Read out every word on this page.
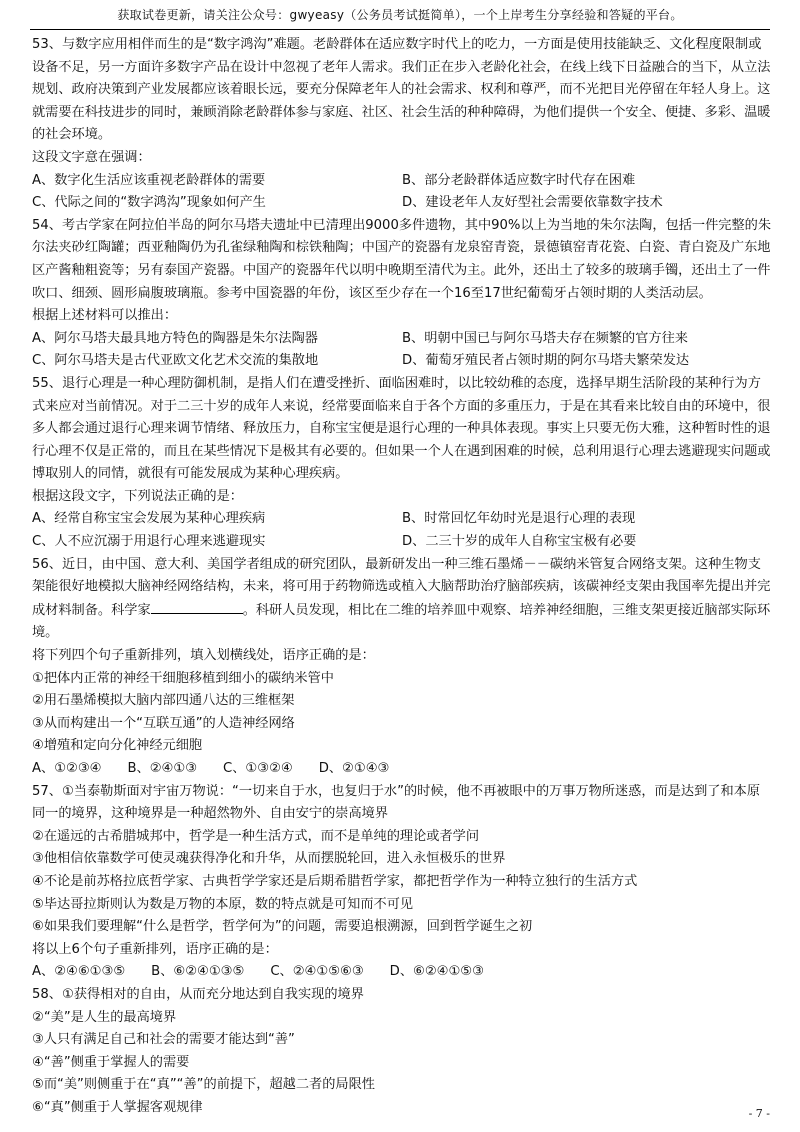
获取试卷更新，请关注公众号：gwyeasy（公务员考试挺简单），一个上岸考生分享经验和答疑的平台。

53、与数字应用相伴而生的是“数字鸿沟”难题。老龄群体在适应数字时代上的吃力，一方面是使用技能缺乏、文化程度限制或设备不足，另一方面许多数字产品在设计中忽视了老年人需求。我们正在步入老龄化社会，在线上线下日益融合的当下，从立法规划、政府决策到产业发展都应该着眼长远，要充分保障老年人的社会需求、权利和尊严，而不光把目光停留在年轻人身上。这就需要在科技进步的同时，兼顾消除老龄群体参与家庭、社区、社会生活的种种障碍，为他们提供一个安全、便捷、多彩、温暖的社会环境。

这段文字意在强调：

A、数字化生活应该重视老龄群体的需要	B、部分老龄群体适应数字时代存在困难
C、代际之间的“数字鸿沟”现象如何产生	D、建设老年人友好型社会需要依靠数字技术

54、考古学家在阿拉伯半岛的阿尔马塔夫遗址中已清理出9000多件遗物，其中90%以上为当地的朱尔法陶，包括一件完整的朱尔法夹砂红陶罐；西亚釉陶仍为孔雀绿釉陶和棕铁釉陶；中国产的瓷器有龙泉窑青瓷，景德镇窑青花瓷、白瓷、青白瓷及广东地区产酱釉粗瓷等；另有泰国产瓷器。中国产的瓷器年代以明中晚期至清代为主。此外，还出土了较多的玻璃手镯，还出土了一件吹口、细颈、圆形扁腹玻璃瓶。参考中国瓷器的年份，该区至少存在一个16至17世纪葡萄牙占领时期的人类活动层。

根据上述材料可以推出：

A、阿尔马塔夫最具地方特色的陶器是朱尔法陶器	B、明朝中国已与阿尔马塔夫存在频繁的官方往来
C、阿尔马塔夫是古代亚欧文化艺术交流的集散地	D、葡萄牙殖民者占领时期的阿尔马塔夫繁荣发达

55、退行心理是一种心理防御机制，是指人们在遭受挫折、面临困难时，以比较幼稚的态度，选择早期生活阶段的某种行为方式来应对当前情况。对于二三十岁的成年人来说，经常要面临来自于各个方面的多重压力，于是在其看来比较自由的环境中，很多人都会通过退行心理来调节情绪、释放压力，自称宝宝便是退行心理的一种具体表现。事实上只要无伤大雅，这种暂时性的退行心理不仅是正常的，而且在某些情况下是极其有必要的。但如果一个人在遇到困难的时候，总利用退行心理去逃避现实问题或博取别人的同情，就很有可能发展成为某种心理疾病。

根据这段文字，下列说法正确的是：

A、经常自称宝宝会发展为某种心理疾病	B、时常回忆年幼时光是退行心理的表现
C、人不应沉溺于用退行心理来逃避现实	D、二三十岁的成年人自称宝宝极有必要

56、近日，由中国、意大利、美国学者组成的研究团队，最新研发出一种三维石墨烯－－碳纳米管复合网络支架。这种生物支架能很好地模拟大脑神经网络结构，未来，将可用于药物筛选或植入大脑帮助治疗脑部疾病，该碳神经支架由我国率先提出并完成材料制备。科学家	。科研人员发现，相比在二维的培养皿中观察、培养神经细胞，三维支架更接近脑部实际环境。

将下列四个句子重新排列，填入划横线处，语序正确的是：

①把体内正常的神经干细胞移植到细小的碳纳米管中

②用石墨烯模拟大脑内部四通八达的三维框架

③从而构建出一个“互联互通”的人造神经网络

④增殖和定向分化神经元细胞

A、①②③④ B、②④①③ C、①③②④ D、②①④③

57、①当泰勒斯面对宇宙万物说：“一切来自于水，也复归于水”的时候，他不再被眼中的万事万物所迷惑，而是达到了和本原同一的境界，这种境界是一种超然物外、自由安宁的崇高境界

②在遥远的古希腊城邦中，哲学是一种生活方式，而不是单纯的理论或者学问

③他相信依靠数学可使灵魂获得净化和升华，从而摆脱轮回，进入永恒极乐的世界

④不论是前苏格拉底哲学家、古典哲学学家还是后期希腊哲学家，都把哲学作为一种特立独行的生活方式

⑤毕达哥拉斯则认为数是万物的本原，数的特点就是可知而不可见

⑥如果我们要理解“什么是哲学，哲学何为”的问题，需要追根溯源，回到哲学诞生之初

将以上6个句子重新排列，语序正确的是：

A、②④⑥①③⑤ B、⑥②④①③⑤ C、②④①⑤⑥③ D、⑥②④①⑤③

58、①获得相对的自由，从而充分地达到自我实现的境界

②“美”是人生的最高境界

③人只有满足自己和社会的需要才能达到“善”

④“善”侧重于掌握人的需要

⑤而“美”则侧重于在“真”“善”的前提下，超越二者的局限性

⑥“真”侧重于人掌握客观规律	- 7 -
